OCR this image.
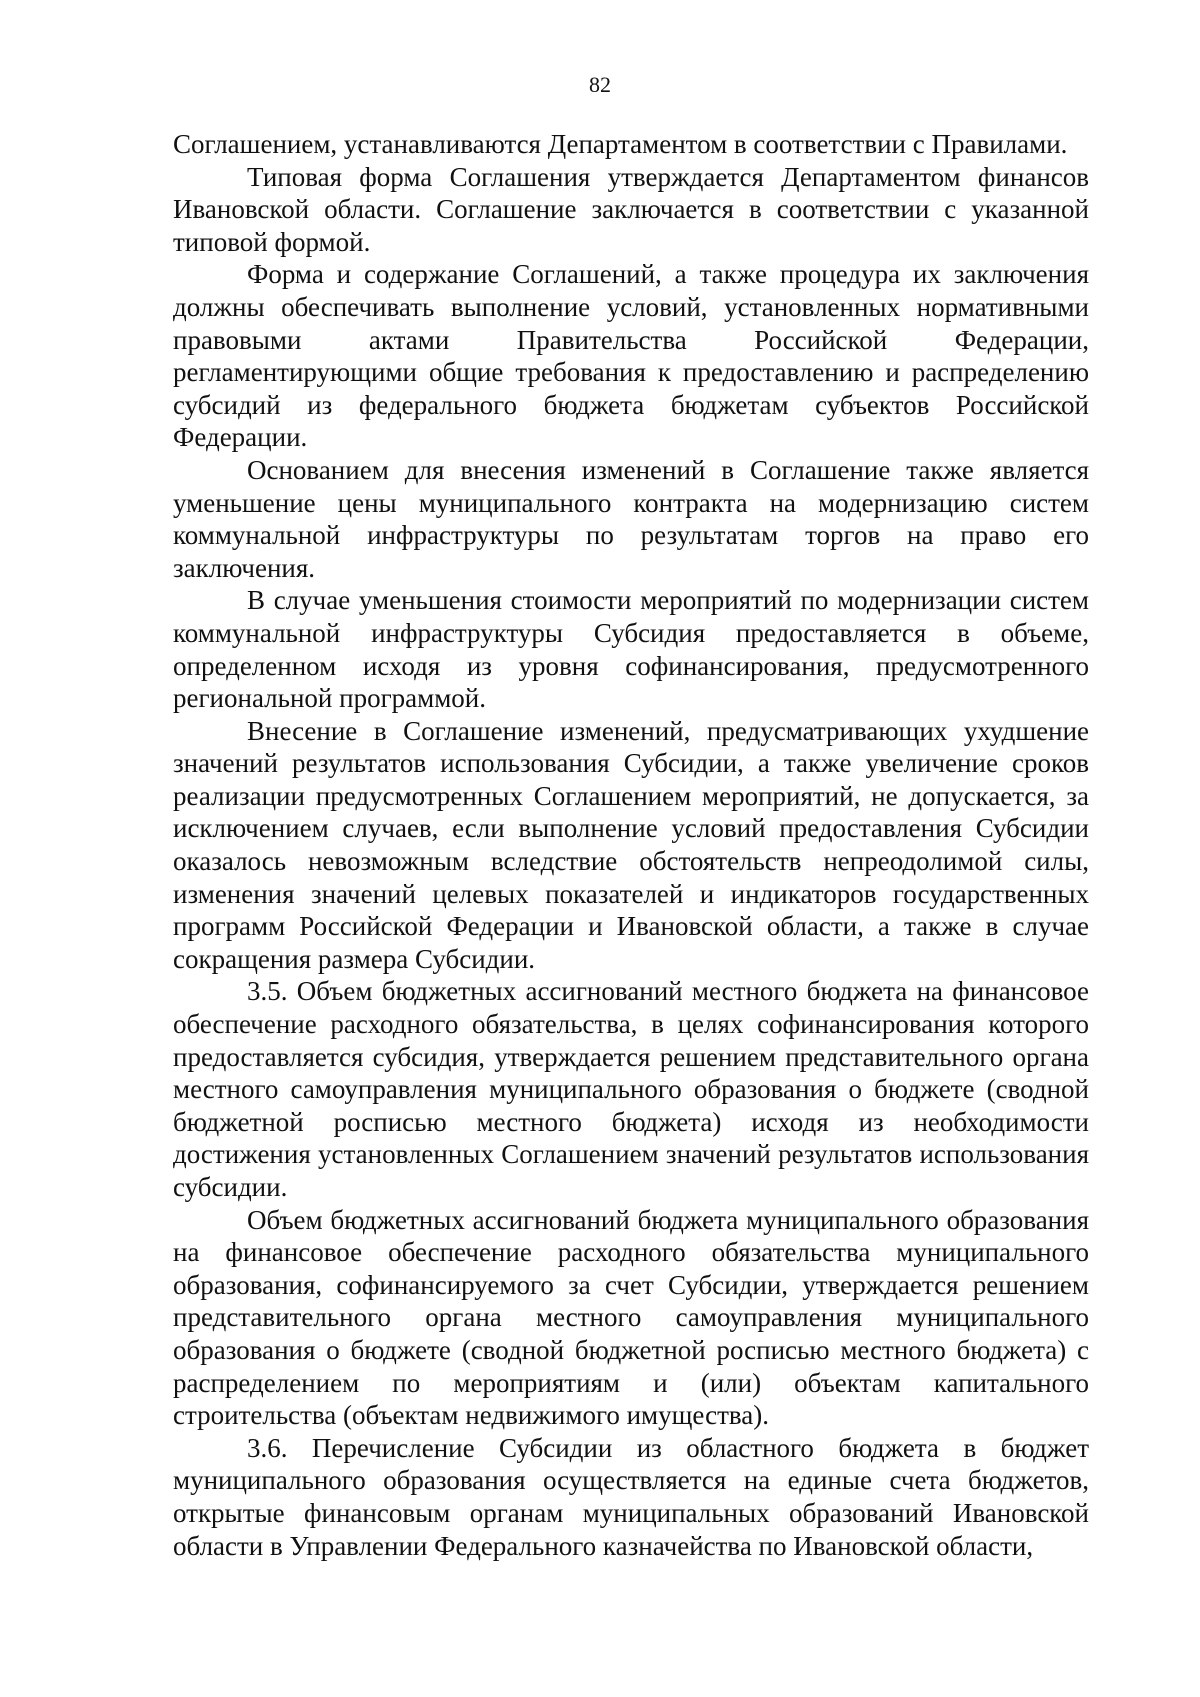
82

Соглашением, устанавливаются Департаментом в соответствии с Правилами.

Типовая форма Соглашения утверждается Департаментом финансов Ивановской области. Соглашение заключается в соответствии с указанной типовой формой.

Форма и содержание Соглашений, а также процедура их заключения должны обеспечивать выполнение условий, установленных нормативными правовыми актами Правительства Российской Федерации, регламентирующими общие требования к предоставлению и распределению субсидий из федерального бюджета бюджетам субъектов Российской Федерации.

Основанием для внесения изменений в Соглашение также является уменьшение цены муниципального контракта на модернизацию систем коммунальной инфраструктуры по результатам торгов на право его заключения.

В случае уменьшения стоимости мероприятий по модернизации систем коммунальной инфраструктуры Субсидия предоставляется в объеме, определенном исходя из уровня софинансирования, предусмотренного региональной программой.

Внесение в Соглашение изменений, предусматривающих ухудшение значений результатов использования Субсидии, а также увеличение сроков реализации предусмотренных Соглашением мероприятий, не допускается, за исключением случаев, если выполнение условий предоставления Субсидии оказалось невозможным вследствие обстоятельств непреодолимой силы, изменения значений целевых показателей и индикаторов государственных программ Российской Федерации и Ивановской области, а также в случае сокращения размера Субсидии.

3.5. Объем бюджетных ассигнований местного бюджета на финансовое обеспечение расходного обязательства, в целях софинансирования которого предоставляется субсидия, утверждается решением представительного органа местного самоуправления муниципального образования о бюджете (сводной бюджетной росписью местного бюджета) исходя из необходимости достижения установленных Соглашением значений результатов использования субсидии.

Объем бюджетных ассигнований бюджета муниципального образования на финансовое обеспечение расходного обязательства муниципального образования, софинансируемого за счет Субсидии, утверждается решением представительного органа местного самоуправления муниципального образования о бюджете (сводной бюджетной росписью местного бюджета) с распределением по мероприятиям и (или) объектам капитального строительства (объектам недвижимого имущества).

3.6. Перечисление Субсидии из областного бюджета в бюджет муниципального образования осуществляется на единые счета бюджетов, открытые финансовым органам муниципальных образований Ивановской области в Управлении Федерального казначейства по Ивановской области,
